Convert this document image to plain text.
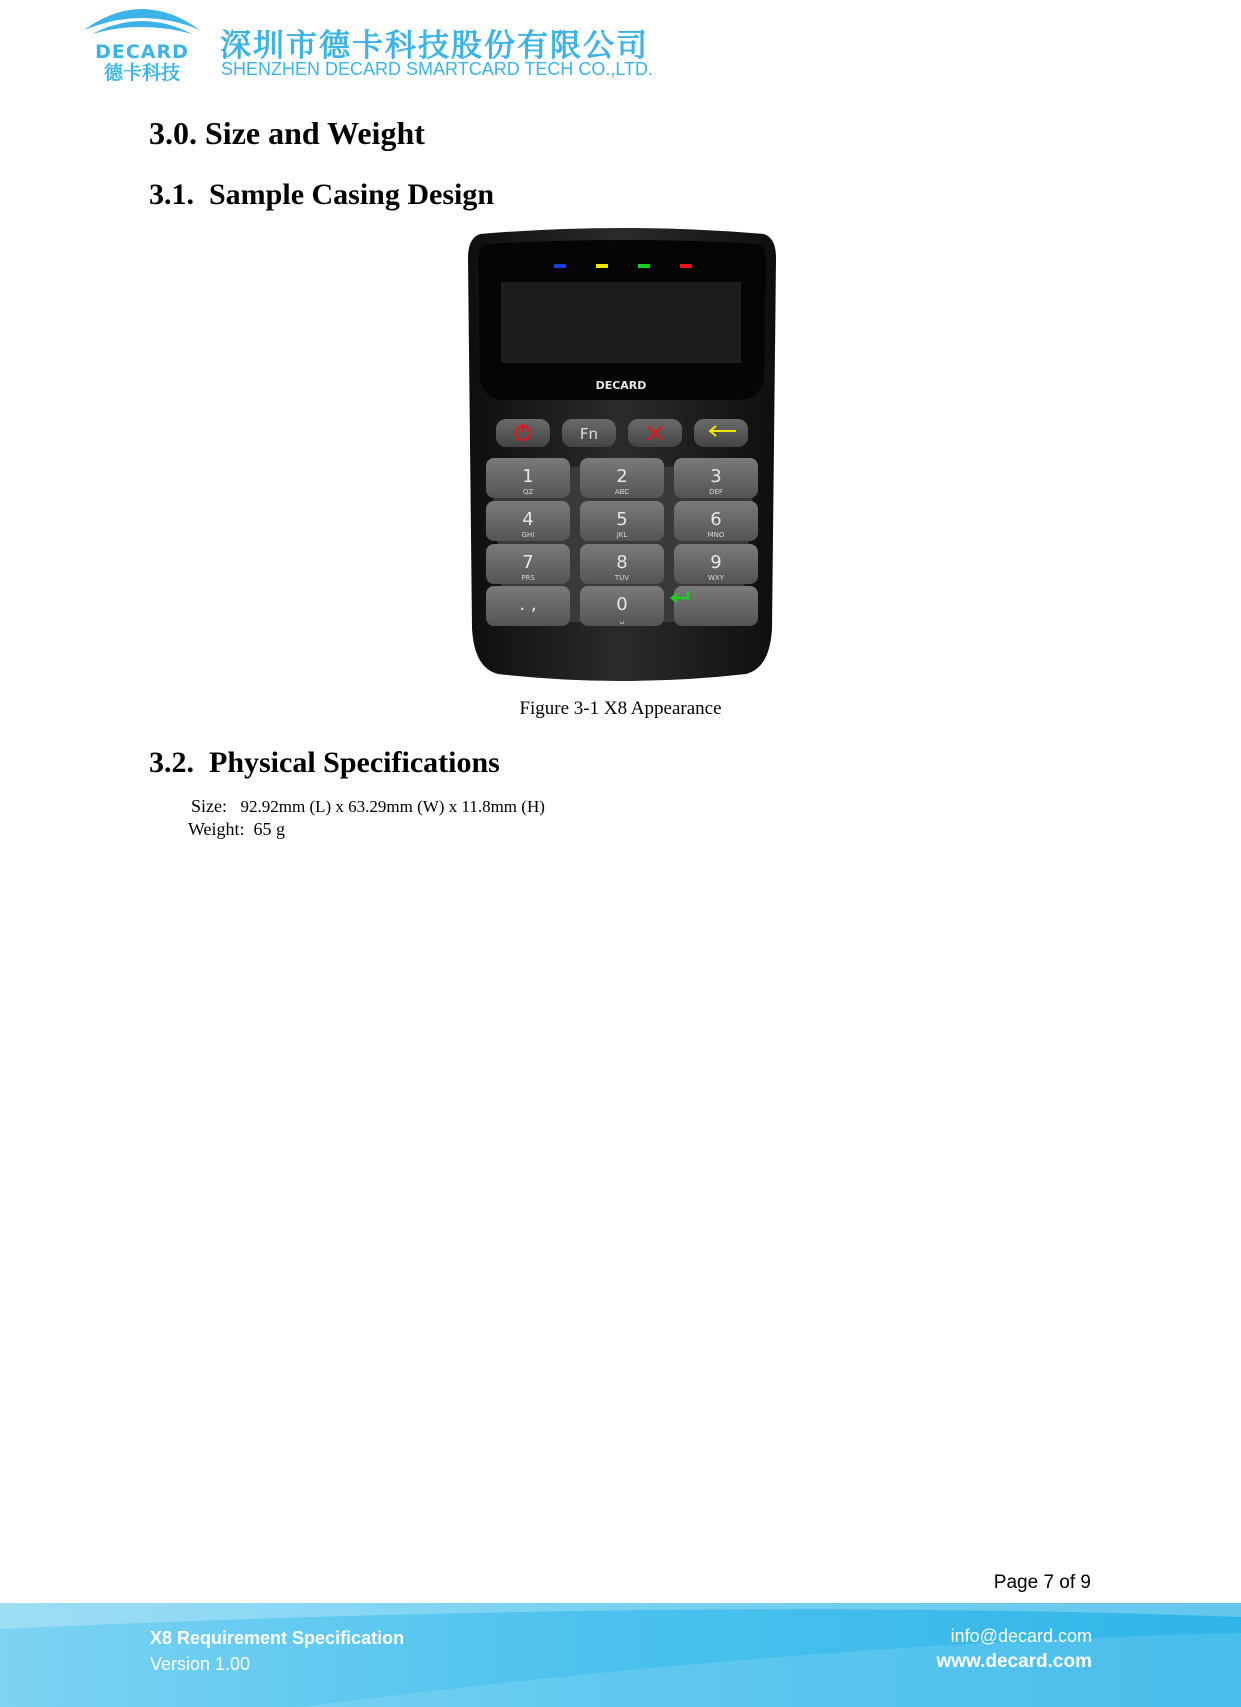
DECARD
德卡科技
深圳市德卡科技股份有限公司
SHENZHEN DECARD SMARTCARD TECH CO.,LTD.
3.0. Size and Weight
3.1. Sample Casing Design
DECARD
Fn
1
QZ
2
ABC
3
DEF
4
GHI
5
JKL
6
MNO
7
PRS
8
TUV
9
WXY
. ,	0
␣
Figure 3-1 X8 Appearance
3.2. Physical Specifications
Size: 92.92mm (L) x 63.29mm (W) x 11.8mm (H)
Weight: 65 g
Page 7 of 9
X8 Requirement Specification
Version 1.00
info@decard.com
www.decard.com
